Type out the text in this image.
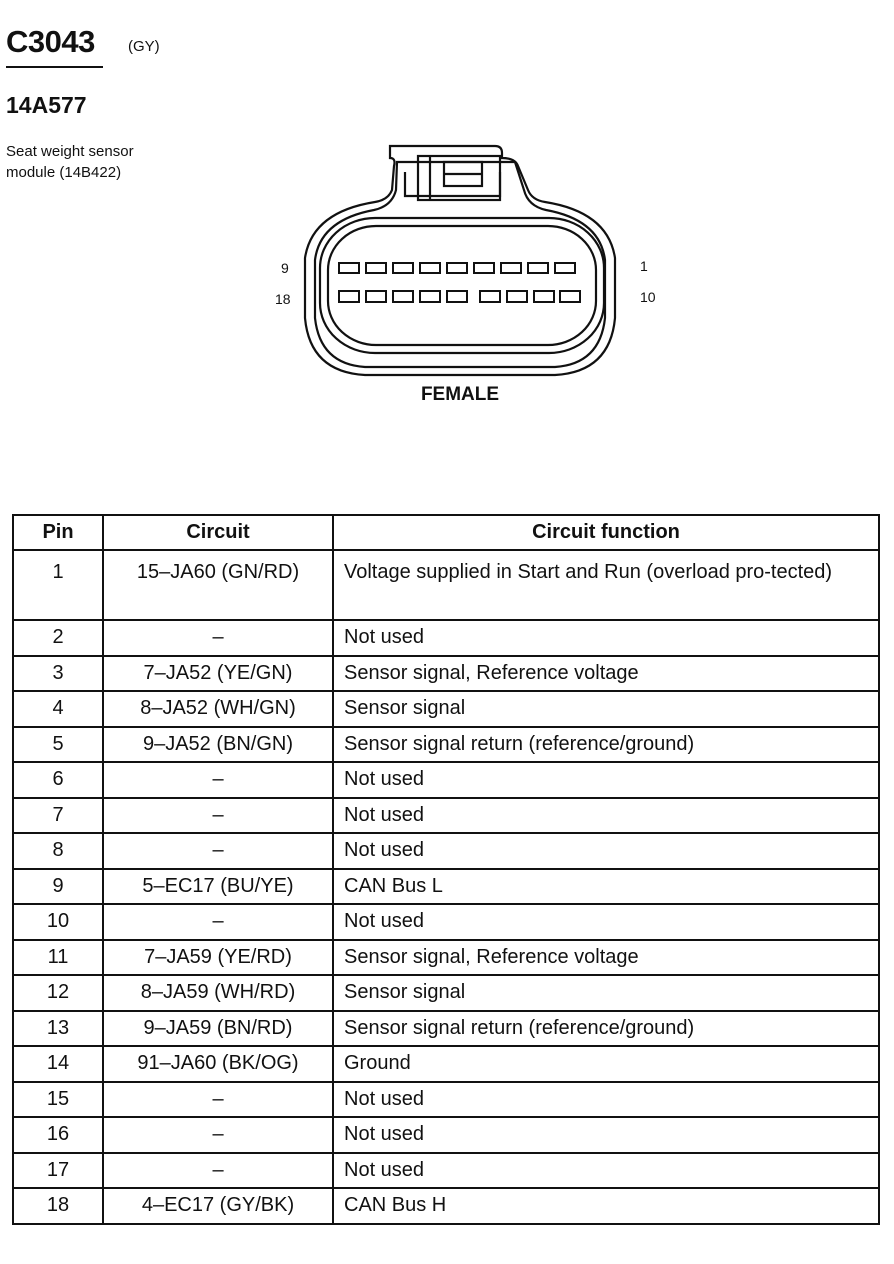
C3043 (GY)
14A577
Seat weight sensor module (14B422)
9
18
1
10
FEMALE
Pin	Circuit	Circuit function
1	15–JA60 (GN/RD)	Voltage supplied in Start and Run (overload pro-tected)
2	–	Not used
3	7–JA52 (YE/GN)	Sensor signal, Reference voltage
4	8–JA52 (WH/GN)	Sensor signal
5	9–JA52 (BN/GN)	Sensor signal return (reference/ground)
6	–	Not used
7	–	Not used
8	–	Not used
9	5–EC17 (BU/YE)	CAN Bus L
10	–	Not used
11	7–JA59 (YE/RD)	Sensor signal, Reference voltage
12	8–JA59 (WH/RD)	Sensor signal
13	9–JA59 (BN/RD)	Sensor signal return (reference/ground)
14	91–JA60 (BK/OG)	Ground
15	–	Not used
16	–	Not used
17	–	Not used
18	4–EC17 (GY/BK)	CAN Bus H
